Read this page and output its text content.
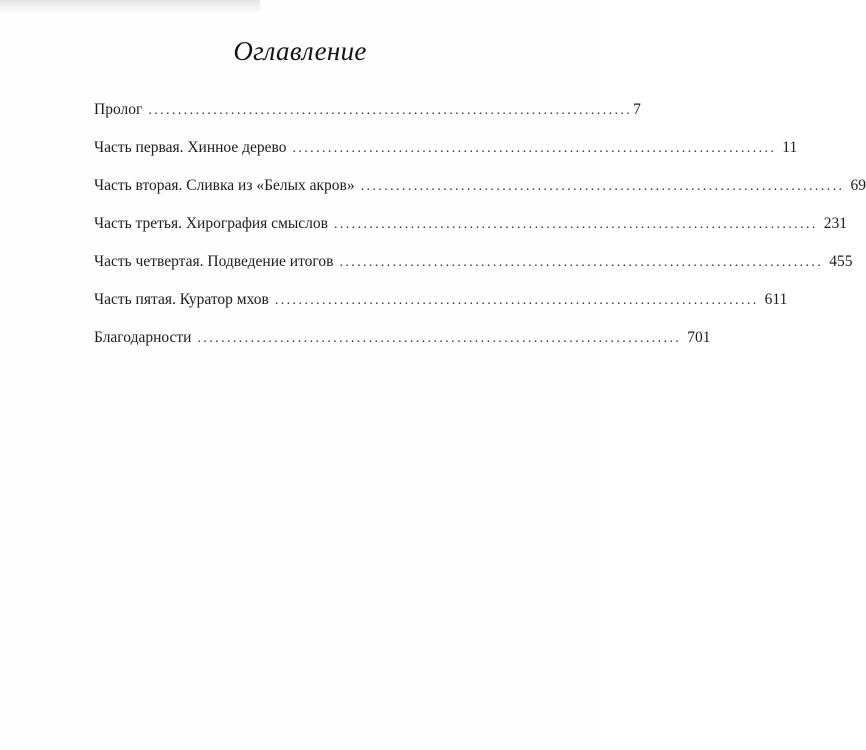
Оглавление
Пролог .................................................................................. 7
Часть первая. Хинное дерево .................................................................................. 11
Часть вторая. Сливка из «Белых акров» .................................................................................. 69
Часть третья. Хирография смыслов .................................................................................. 231
Часть четвертая. Подведение итогов .................................................................................. 455
Часть пятая. Куратор мхов .................................................................................. 611
Благодарности .................................................................................. 701
